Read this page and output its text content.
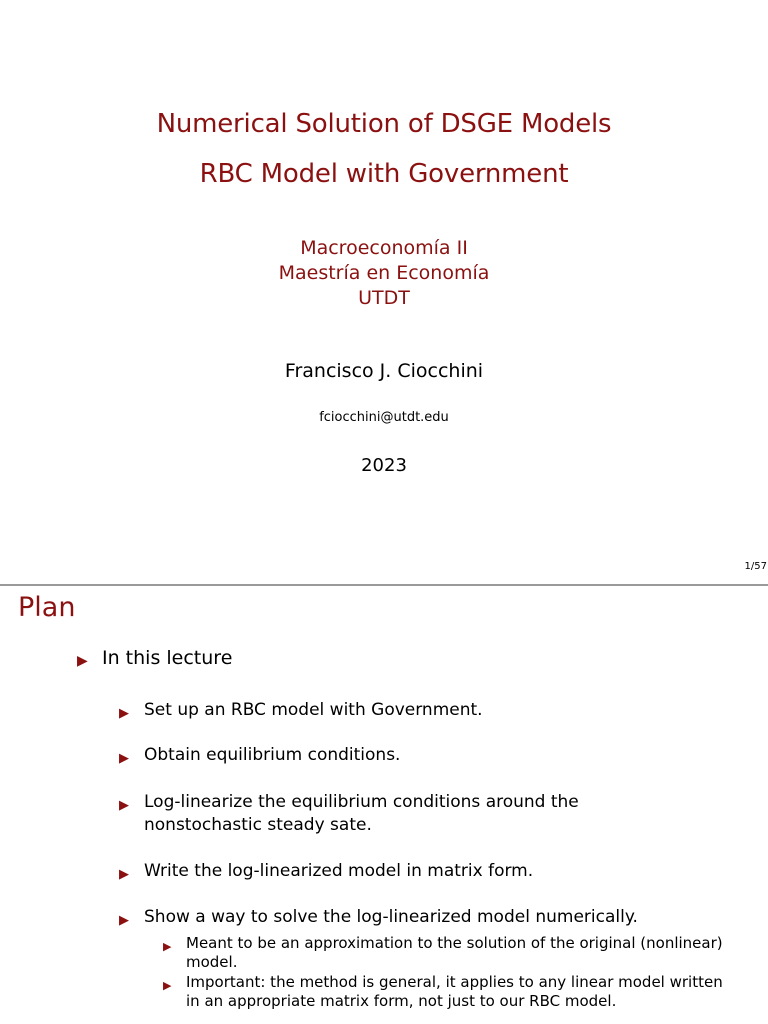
Numerical Solution of DSGE Models
RBC Model with Government
Macroeconomía II
Maestría en Economía
UTDT
Francisco J. Ciocchini
fciocchini@utdt.edu
2023
1/57
Plan
▶ In this lecture
▶ Set up an RBC model with Government.
▶ Obtain equilibrium conditions.
▶ Log-linearize the equilibrium conditions around the nonstochastic steady sate.
▶ Write the log-linearized model in matrix form.
▶ Show a way to solve the log-linearized model numerically.
▶ Meant to be an approximation to the solution of the original (nonlinear) model.
▶ Important: the method is general, it applies to any linear model written in an appropriate matrix form, not just to our RBC model.
